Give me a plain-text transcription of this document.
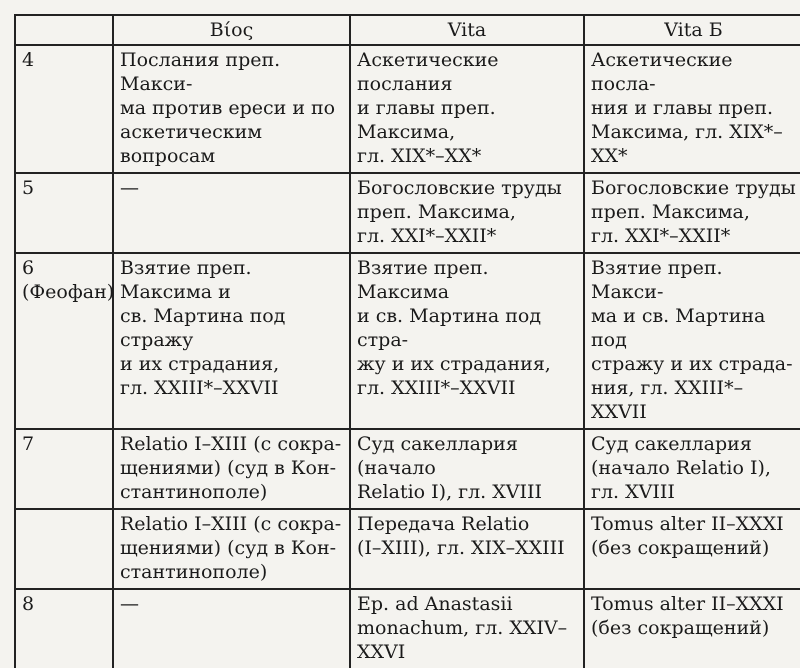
	Βίος	Vita	Vita Б
4	Послания преп. Макси-
ма против ереси и по
аскетическим вопросам	Аскетические послания
и главы преп. Максима,
гл. XIX*–XX*	Аскетические посла-
ния и главы преп.
Максима, гл. XIX*–
XX*
5	—	Богословские труды
преп. Максима,
гл. XXI*–XXII*	Богословские труды
преп. Максима,
гл. XXI*–XXII*
6
(Феофан)	Взятие преп. Максима и
св. Мартина под стражу
и их страдания,
гл. XXIII*–XXVII	Взятие преп. Максима
и св. Мартина под стра-
жу и их страдания,
гл. XXIII*–XXVII	Взятие преп. Макси-
ма и св. Мартина под
стражу и их страда-
ния, гл. XXIII*–
XXVII
7	Relatio I–XIII (с сокра-
щениями) (суд в Кон-
стантинополе)	Суд сакеллария (начало
Relatio I), гл. XVIII	Суд сакеллария
(начало Relatio I),
гл. XVIII
	Relatio I–XIII (с сокра-
щениями) (суд в Кон-
стантинополе)	Передача Relatio
(I–XIII), гл. XIX–XXIII	Tomus alter II–XXXI
(без сокращений)
8	—	Ep. ad Anastasii
monachum, гл. XXIV–
XXVI	Tomus alter II–XXXI
(без сокращений)
